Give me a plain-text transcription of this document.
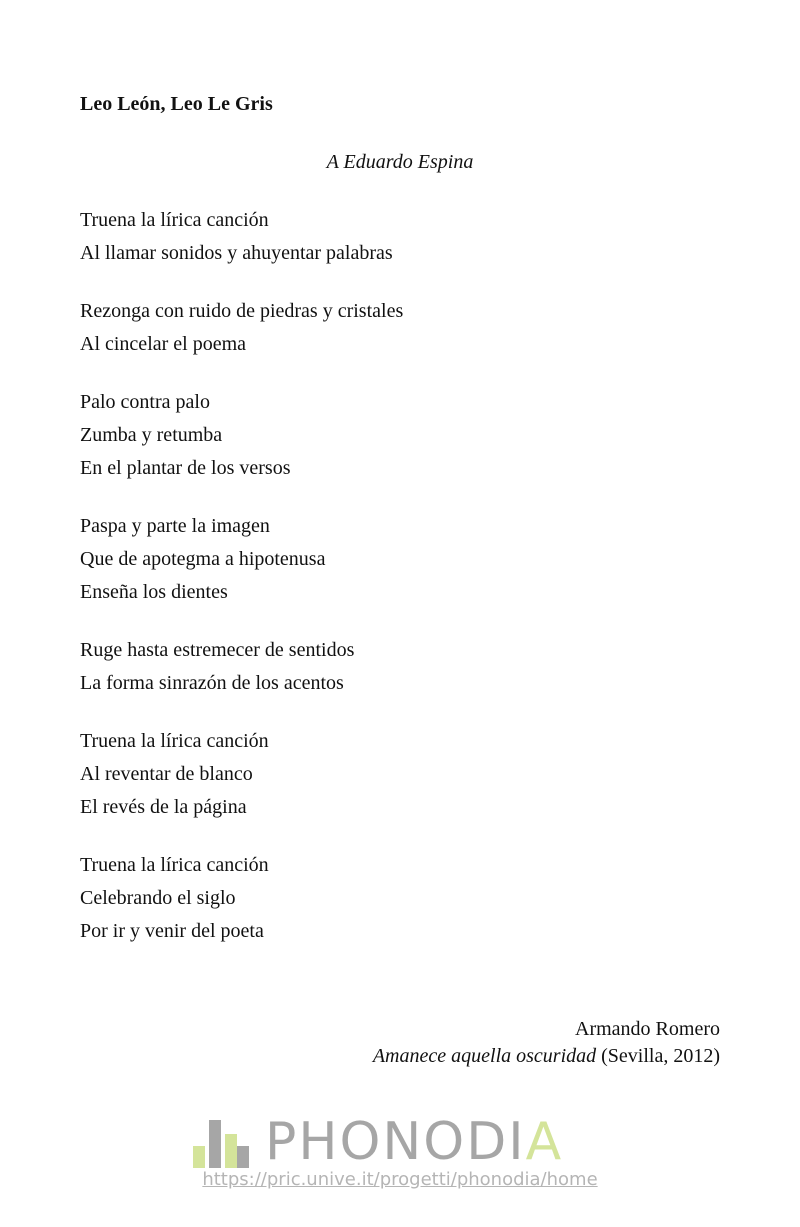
Leo León, Leo Le Gris

A Eduardo Espina

Truena la lírica canción
Al llamar sonidos y ahuyentar palabras
Rezonga con ruido de piedras y cristales
Al cincelar el poema
Palo contra palo
Zumba y retumba
En el plantar de los versos
Paspa y parte la imagen
Que de apotegma a hipotenusa
Enseña los dientes
Ruge hasta estremecer de sentidos
La forma sinrazón de los acentos
Truena la lírica canción
Al reventar de blanco
El revés de la página
Truena la lírica canción
Celebrando el siglo
Por ir y venir del poeta
Armando Romero
Amanece aquella oscuridad (Sevilla, 2012)
PHONODIA
https://pric.unive.it/progetti/phonodia/home
